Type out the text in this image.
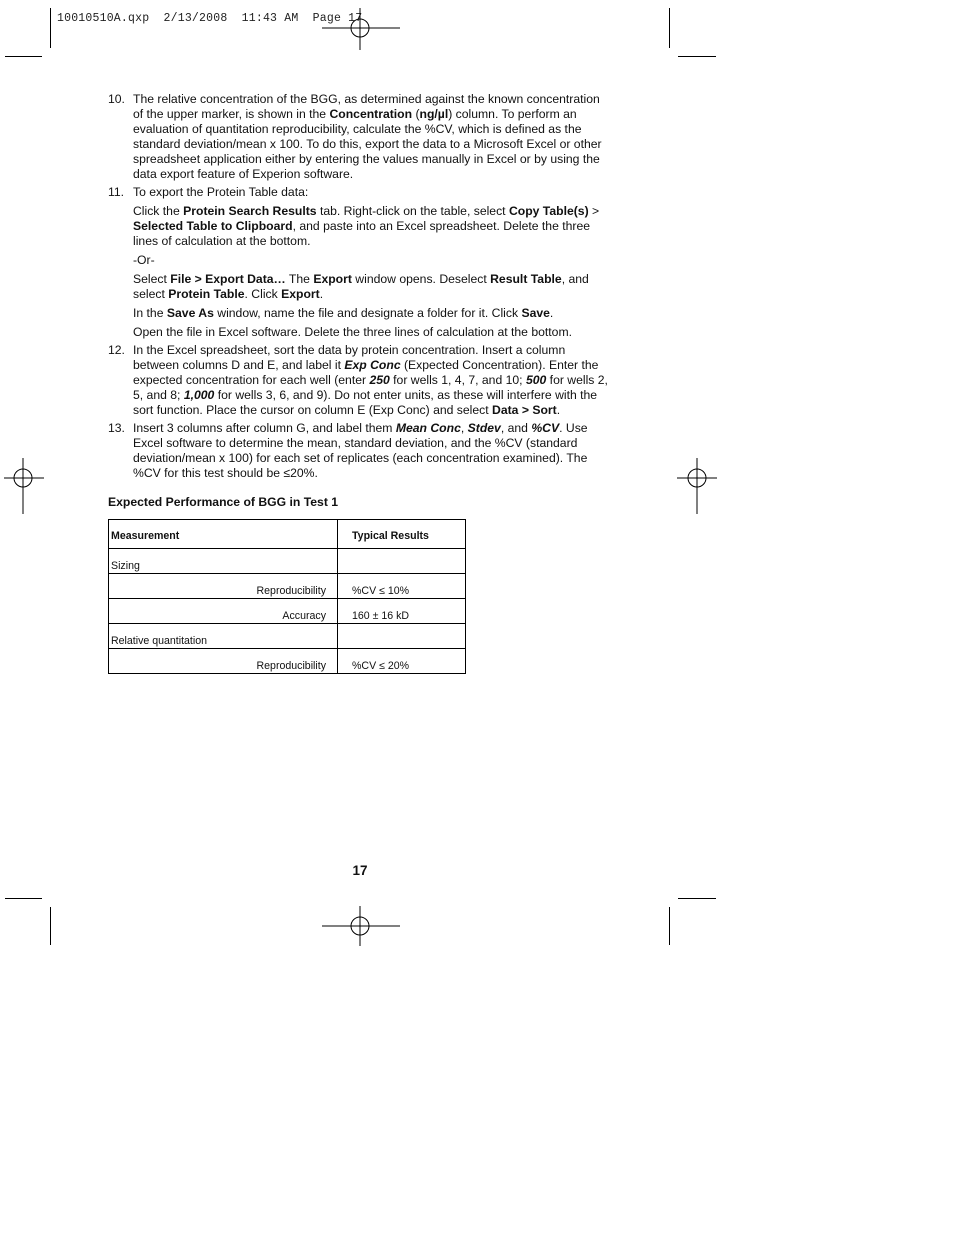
10010510A.qxp 2/13/2008 11:43 AM Page 17
10. The relative concentration of the BGG, as determined against the known concentration of the upper marker, is shown in the Concentration (ng/µl) column. To perform an evaluation of quantitation reproducibility, calculate the %CV, which is defined as the standard deviation/mean x 100. To do this, export the data to a Microsoft Excel or other spreadsheet application either by entering the values manually in Excel or by using the data export feature of Experion software.

11. To export the Protein Table data:

Click the Protein Search Results tab. Right-click on the table, select Copy Table(s) > Selected Table to Clipboard, and paste into an Excel spreadsheet. Delete the three lines of calculation at the bottom.

-Or-

Select File > Export Data… The Export window opens. Deselect Result Table, and select Protein Table. Click Export.

In the Save As window, name the file and designate a folder for it. Click Save.

Open the file in Excel software. Delete the three lines of calculation at the bottom.

12. In the Excel spreadsheet, sort the data by protein concentration. Insert a column between columns D and E, and label it Exp Conc (Expected Concentration). Enter the expected concentration for each well (enter 250 for wells 1, 4, 7, and 10; 500 for wells 2, 5, and 8; 1,000 for wells 3, 6, and 9). Do not enter units, as these will interfere with the sort function. Place the cursor on column E (Exp Conc) and select Data > Sort.

13. Insert 3 columns after column G, and label them Mean Conc, Stdev, and %CV. Use Excel software to determine the mean, standard deviation, and the %CV (standard deviation/mean x 100) for each set of replicates (each concentration examined). The %CV for this test should be ≤20%.

Expected Performance of BGG in Test 1
Measurement	Typical Results
Sizing	
Reproducibility	%CV ≤ 10%
Accuracy	160 ± 16 kD
Relative quantitation	
Reproducibility	%CV ≤ 20%
17
